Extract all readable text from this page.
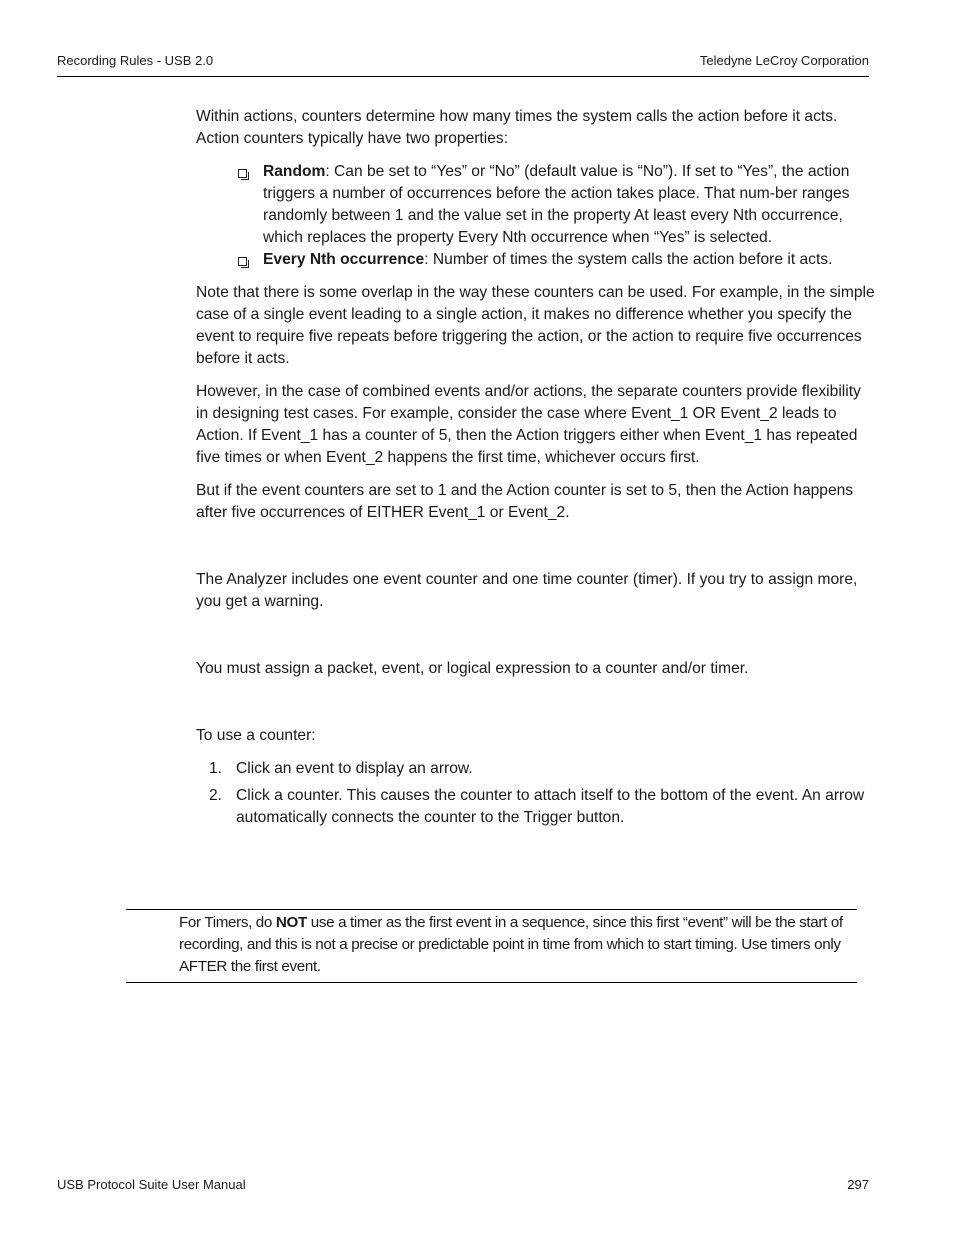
Recording Rules - USB 2.0	Teledyne LeCroy Corporation

Within actions, counters determine how many times the system calls the action before it acts. Action counters typically have two properties:

Random: Can be set to “Yes” or “No” (default value is “No”). If set to “Yes”, the action triggers a number of occurrences before the action takes place. That num-ber ranges randomly between 1 and the value set in the property At least every Nth occurrence, which replaces the property Every Nth occurrence when “Yes” is selected.
Every Nth occurrence: Number of times the system calls the action before it acts.

Note that there is some overlap in the way these counters can be used. For example, in the simple case of a single event leading to a single action, it makes no difference whether you specify the event to require five repeats before triggering the action, or the action to require five occurrences before it acts.

However, in the case of combined events and/or actions, the separate counters provide flexibility in designing test cases. For example, consider the case where Event_1 OR Event_2 leads to Action. If Event_1 has a counter of 5, then the Action triggers either when Event_1 has repeated five times or when Event_2 happens the first time, whichever occurs first.

But if the event counters are set to 1 and the Action counter is set to 5, then the Action happens after five occurrences of EITHER Event_1 or Event_2.

The Analyzer includes one event counter and one time counter (timer). If you try to assign more, you get a warning.

You must assign a packet, event, or logical expression to a counter and/or timer.

To use a counter:

1. Click an event to display an arrow.
2. Click a counter. This causes the counter to attach itself to the bottom of the event. An arrow automatically connects the counter to the Trigger button.

For Timers, do NOT use a timer as the first event in a sequence, since this first “event” will be the start of recording, and this is not a precise or predictable point in time from which to start timing. Use timers only AFTER the first event.

USB Protocol Suite User Manual	297
